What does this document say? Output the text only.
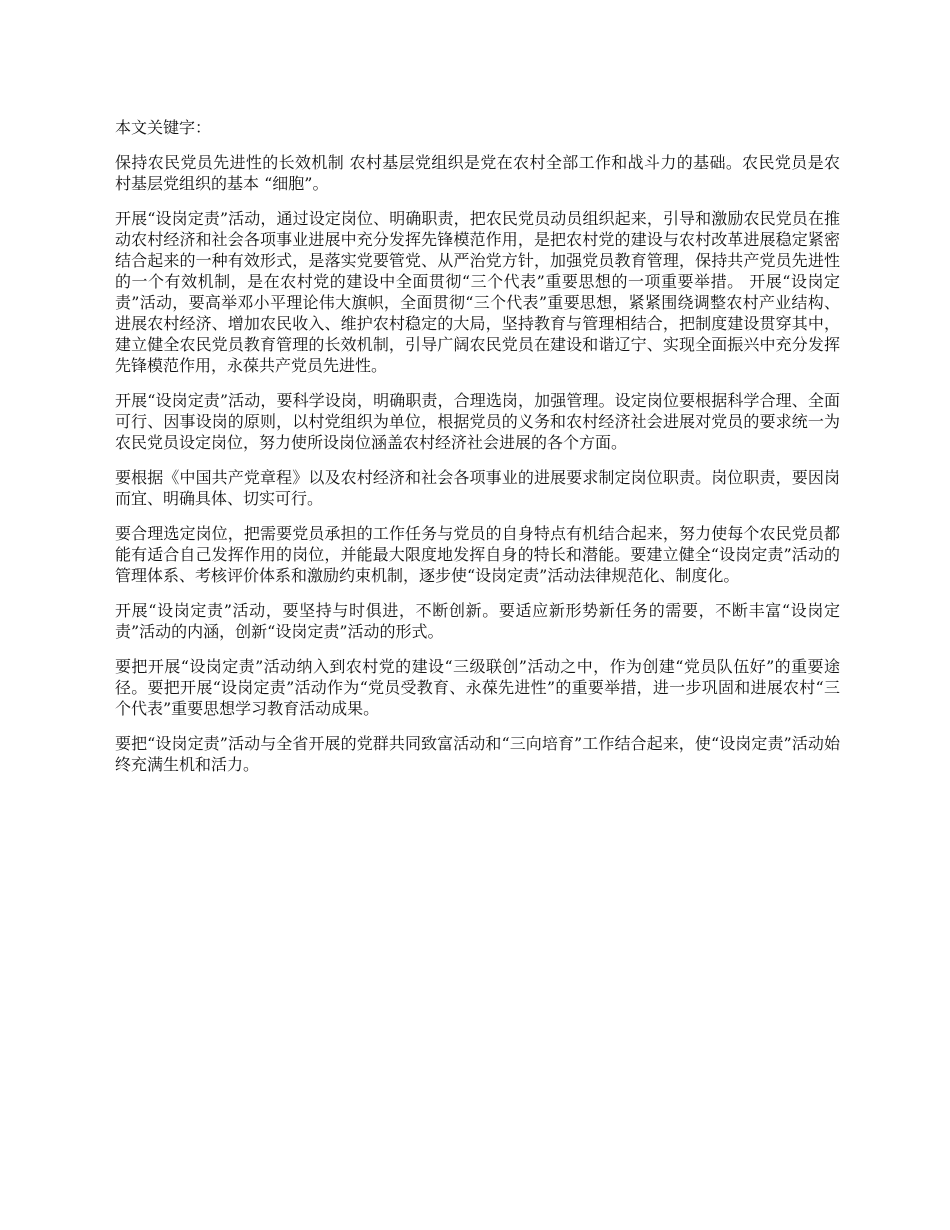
本文关键字：

保持农民党员先进性的长效机制 农村基层党组织是党在农村全部工作和战斗力的基础。农民党员是农村基层党组织的基本 “细胞”。

开展“设岗定责”活动，通过设定岗位、明确职责，把农民党员动员组织起来，引导和激励农民党员在推动农村经济和社会各项事业进展中充分发挥先锋模范作用，是把农村党的建设与农村改革进展稳定紧密结合起来的一种有效形式，是落实党要管党、从严治党方针，加强党员教育管理，保持共产党员先进性的一个有效机制，是在农村党的建设中全面贯彻“三个代表”重要思想的一项重要举措。 开展“设岗定责”活动，要高举邓小平理论伟大旗帜，全面贯彻“三个代表”重要思想，紧紧围绕调整农村产业结构、进展农村经济、增加农民收入、维护农村稳定的大局，坚持教育与管理相结合，把制度建设贯穿其中，建立健全农民党员教育管理的长效机制，引导广阔农民党员在建设和谐辽宁、实现全面振兴中充分发挥先锋模范作用，永葆共产党员先进性。

开展“设岗定责”活动，要科学设岗，明确职责，合理选岗，加强管理。设定岗位要根据科学合理、全面可行、因事设岗的原则，以村党组织为单位，根据党员的义务和农村经济社会进展对党员的要求统一为农民党员设定岗位，努力使所设岗位涵盖农村经济社会进展的各个方面。

要根据《中国共产党章程》以及农村经济和社会各项事业的进展要求制定岗位职责。岗位职责，要因岗而宜、明确具体、切实可行。

要合理选定岗位，把需要党员承担的工作任务与党员的自身特点有机结合起来，努力使每个农民党员都能有适合自己发挥作用的岗位，并能最大限度地发挥自身的特长和潜能。要建立健全“设岗定责”活动的管理体系、考核评价体系和激励约束机制，逐步使“设岗定责”活动法律规范化、制度化。

开展“设岗定责”活动，要坚持与时俱进，不断创新。要适应新形势新任务的需要，不断丰富“设岗定责”活动的内涵，创新“设岗定责”活动的形式。

要把开展“设岗定责”活动纳入到农村党的建设“三级联创”活动之中，作为创建“党员队伍好”的重要途径。要把开展“设岗定责”活动作为“党员受教育、永葆先进性”的重要举措，进一步巩固和进展农村“三个代表”重要思想学习教育活动成果。

要把“设岗定责”活动与全省开展的党群共同致富活动和“三向培育”工作结合起来，使“设岗定责”活动始终充满生机和活力。
